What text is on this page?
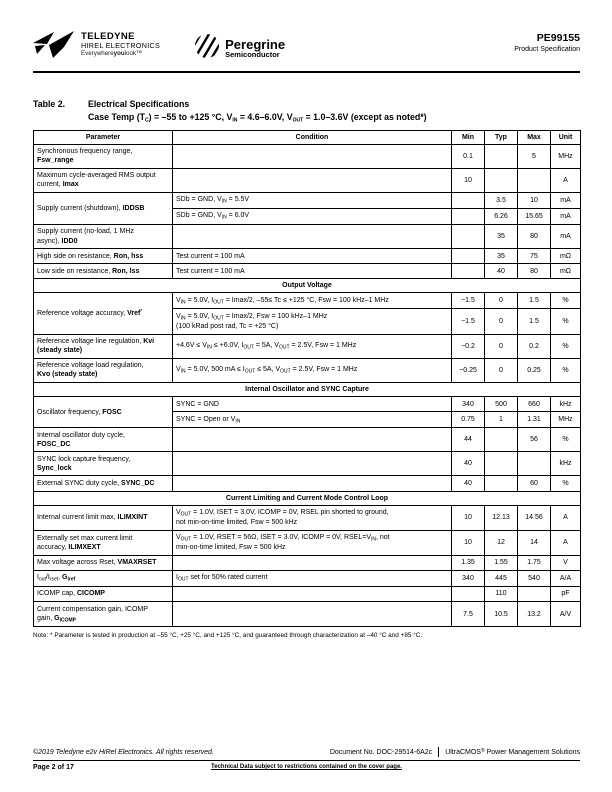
TELEDYNE
HIREL ELECTRONICS
Everywhereyoulook™
Peregrine
Semiconductor
PE99155
Product Specification
Table 2.	Electrical Specifications
Case Temp $(T_C) = -55$ to +125 °C, $V_{IN} = 4.6-6.0V$, $V_{OUT} = 1.0-3.6V$ (except as noted*)
Parameter	Condition	Min	Typ	Max	Unit
Synchronous frequency range,
Fsw_range		0.1		5	MHz
Maximum cycle-averaged RMS output
current, Imax		10			A
Supply current (shutdown), IDDSB	SDb = GND, $V_{IN} = 5.5V$		3.5	10	mA
	SDb = GND, $V_{IN} = 6.0V$		6.26	15.65	mA
Supply current (no-load, 1 MHz
async), IDD0			35	80	mA
High side on resistance, Ron, hss	Test current = 100 mA		35	75	mΩ
Low side on resistance, Ron, lss	Test current = 100 mA		40	80	mΩ
Output Voltage					
Reference voltage accuracy, Vref*	$V_{IN} = 5.0V$, $I_{OUT} = Imax/2$, –55≤ Tc ≤ +125 °C, Fsw = 100 kHz–1 MHz	−1.5	0	1.5	%
	$V_{IN} = 5.0V$, $I_{OUT} = Imax/2$, Fsw = 100 kHz–1 MHz
(100 kRad post rad, Tc = +25 °C)	−1.5	0	1.5	%
Reference voltage line regulation, Kvi
(steady state)	$+4.6V \le V_{IN} \le +6.0V$, $I_{OUT} = 5A$, $V_{OUT} = 2.5V$, Fsw = 1 MHz	−0.2	0	0.2	%
Reference voltage load regulation,
Kvo (steady state)	$V_{IN} = 5.0V$, 500 mA ≤ $I_{OUT} \le 5A$, $V_{OUT} = 2.5V$, Fsw = 1 MHz	−0.25	0	0.25	%
Internal Oscillator and SYNC Capture					
Oscillator frequency, FOSC	SYNC = GND	340	500	660	kHz
	SYNC = Open or $V_{IN}$	0.75	1	1.31	MHz
Internal oscillator duty cycle,
FOSC_DC		44		56	%
SYNC lock capture frequency,
Sync_lock		40			kHz
External SYNC duty cycle, SYNC_DC		40		60	%
Current Limiting and Current Mode Control Loop					
Internal current limit max, ILIMXINT	$V_{OUT} = 1.0V$, ISET = 3.0V, ICOMP = 0V, RSEL pin shorted to ground,
not min-on-time limited, Fsw = 500 kHz	10	12.13	14.56	A
Externally set max current limit
accuracy, ILIMXEXT	$V_{OUT} = 1.0V$, RSET = 56Ω, ISET = 3.0V, ICOMP = 0V, $RSEL=V_{IN}$, not
min-on-time limited, Fsw = 500 kHz	10	12	14	A
Max voltage across Rset, VMAXRSET		1.35	1.55	1.75	V
$I_{out}/I_{rset}$, $G_{iref}$	$I_{OUT}$ set for 50% rated current	340	445	540	A/A
ICOMP cap, CICOMP			110		pF
Current compensation gain, ICOMP
gain, $G_{ICOMP}$		7.5	10.5	13.2	A/V
Note: * Parameter is tested in production at –55 °C, +25 °C, and +125 °C, and guaranteed through characterization at –40 °C and +85 °C.
©2019 Teledyne e2v HiRel Electronics. All rights reserved.	Document No. DOC-29514-6A2c UltraCMOS® Power Management Solutions
Page 2 of 17	Technical Data subject to restrictions contained on the cover page.
